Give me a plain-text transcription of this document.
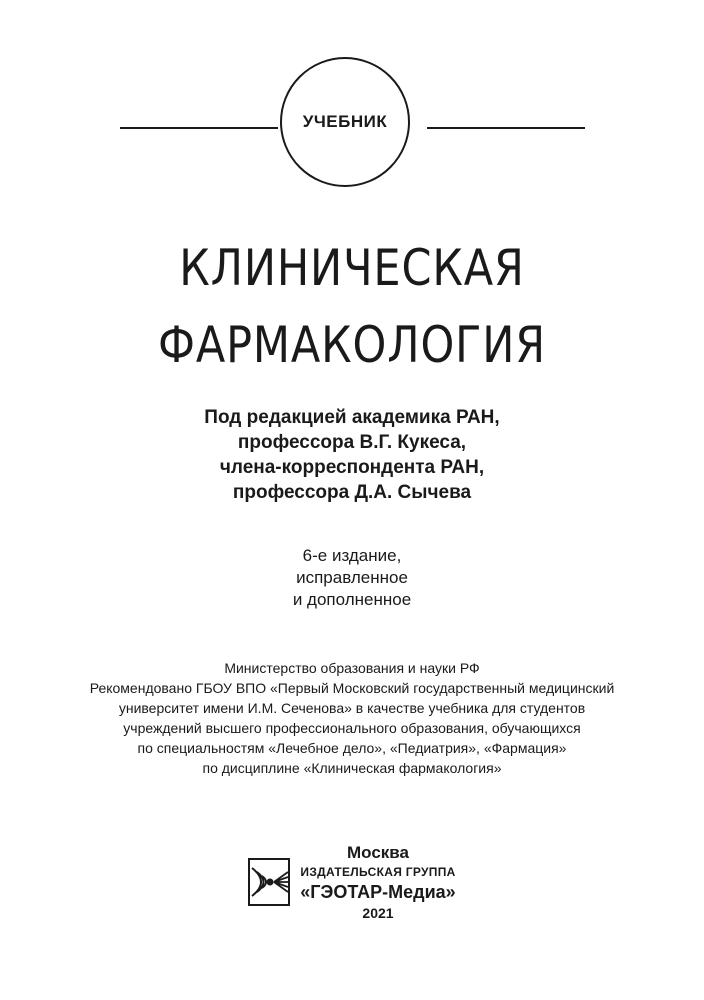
УЧЕБНИК
КЛИНИЧЕСКАЯ
ФАРМАКОЛОГИЯ
Под редакцией академика РАН,
профессора В.Г. Кукеса,
члена-корреспондента РАН,
профессора Д.А. Сычева
6-е издание,
исправленное
и дополненное
Министерство образования и науки РФ
Рекомендовано ГБОУ ВПО «Первый Московский государственный медицинский
университет имени И.М. Сеченова» в качестве учебника для студентов
учреждений высшего профессионального образования, обучающихся
по специальностям «Лечебное дело», «Педиатрия», «Фармация»
по дисциплине «Клиническая фармакология»
Москва
ИЗДАТЕЛЬСКАЯ ГРУППА
«ГЭОТАР-Медиа»
2021
